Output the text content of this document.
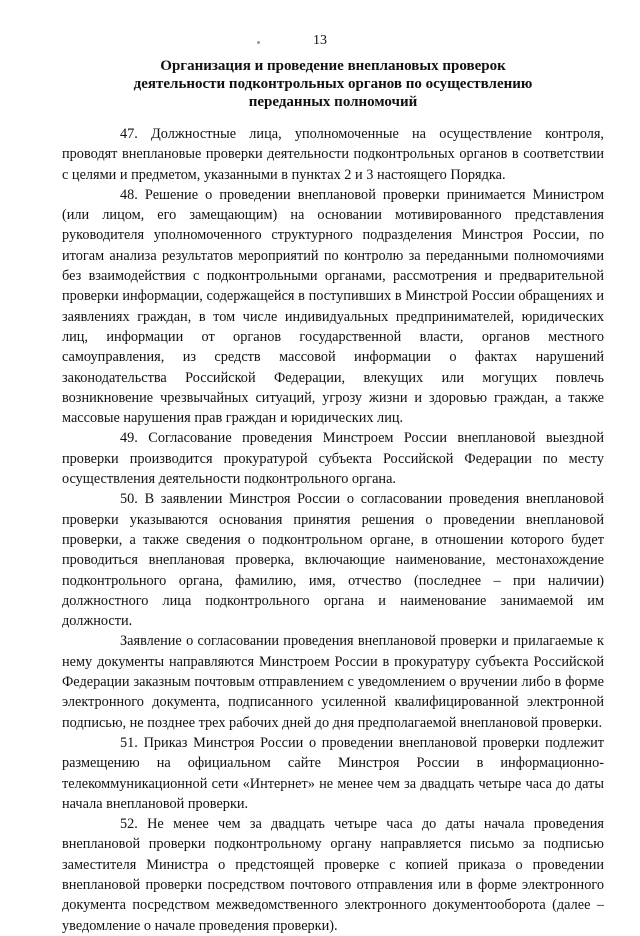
13
Организация и проведение внеплановых проверок
деятельности подконтрольных органов по осуществлению
переданных полномочий

47. Должностные лица, уполномоченные на осуществление контроля, проводят внеплановые проверки деятельности подконтрольных органов в соответствии с целями и предметом, указанными в пунктах 2 и 3 настоящего Порядка.

48. Решение о проведении внеплановой проверки принимается Министром (или лицом, его замещающим) на основании мотивированного представления руководителя уполномоченного структурного подразделения Минстроя России, по итогам анализа результатов мероприятий по контролю за переданными полномочиями без взаимодействия с подконтрольными органами, рассмотрения и предварительной проверки информации, содержащейся в поступивших в Минстрой России обращениях и заявлениях граждан, в том числе индивидуальных предпринимателей, юридических лиц, информации от органов государственной власти, органов местного самоуправления, из средств массовой информации о фактах нарушений законодательства Российской Федерации, влекущих или могущих повлечь возникновение чрезвычайных ситуаций, угрозу жизни и здоровью граждан, а также массовые нарушения прав граждан и юридических лиц.

49. Согласование проведения Минстроем России внеплановой выездной проверки производится прокуратурой субъекта Российской Федерации по месту осуществления деятельности подконтрольного органа.

50. В заявлении Минстроя России о согласовании проведения внеплановой проверки указываются основания принятия решения о проведении внеплановой проверки, а также сведения о подконтрольном органе, в отношении которого будет проводиться внеплановая проверка, включающие наименование, местонахождение подконтрольного органа, фамилию, имя, отчество (последнее – при наличии) должностного лица подконтрольного органа и наименование занимаемой им должности.

Заявление о согласовании проведения внеплановой проверки и прилагаемые к нему документы направляются Минстроем России в прокуратуру субъекта Российской Федерации заказным почтовым отправлением с уведомлением о вручении либо в форме электронного документа, подписанного усиленной квалифицированной электронной подписью, не позднее трех рабочих дней до дня предполагаемой внеплановой проверки.

51. Приказ Минстроя России о проведении внеплановой проверки подлежит размещению на официальном сайте Минстроя России в информационно-телекоммуникационной сети «Интернет» не менее чем за двадцать четыре часа до даты начала внеплановой проверки.

52. Не менее чем за двадцать четыре часа до даты начала проведения внеплановой проверки подконтрольному органу направляется письмо за подписью заместителя Министра о предстоящей проверке с копией приказа о проведении внеплановой проверки посредством почтового отправления или в форме электронного документа посредством межведомственного электронного документооборота (далее – уведомление о начале проведения проверки).
